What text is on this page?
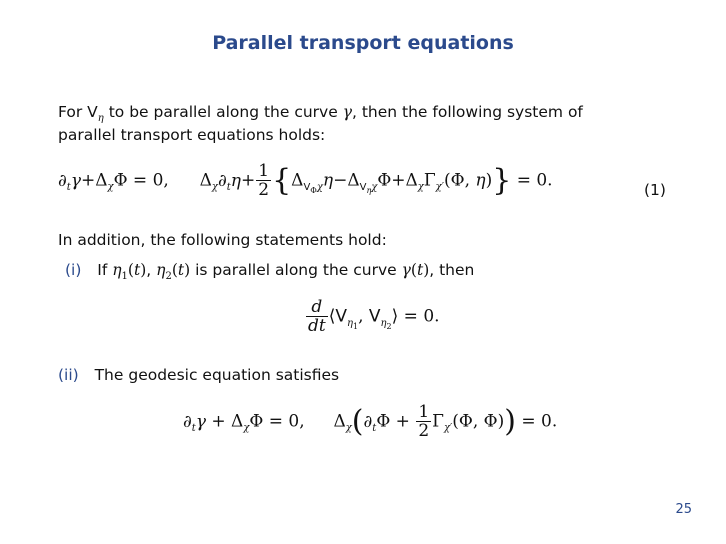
Parallel transport equations
For $V_\eta$ to be parallel along the curve γ, then the following system of
parallel transport equations holds:
$\partial_t\gamma+\Delta_\chi\Phi = 0$, $\Delta_\chi\partial_t\eta+ \frac{1}{2} \{\Delta_{V_\Phi\chi}\eta-\Delta_{V_\eta\chi}\Phi+\Delta_\chi\Gamma_{\chi'}(\Phi$, η)} = 0.	(1)
In addition, the following statements hold:
(i) If $\eta_1(t)$, $\eta_2(t)$ is parallel along the curve γ(t), then
$\frac{d}{dt}$ $⟨V_{\eta_1}$, $V_{\eta_2}⟩ = 0$.
(ii) The geodesic equation satisfies
$\partial_t\gamma + \Delta_\chi\Phi = 0$, $\Delta_\chi(\partial_t\Phi + \frac{1}{2} \Gamma_{\chi'}(\Phi$, Φ)) = 0.
25
